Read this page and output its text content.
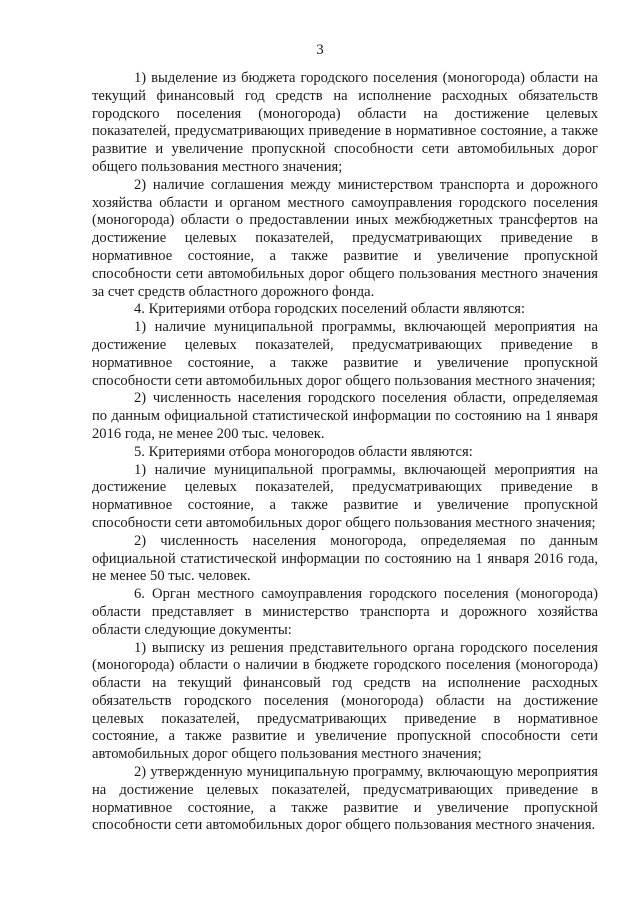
3

1) выделение из бюджета городского поселения (моногорода) области на текущий финансовый год средств на исполнение расходных обязательств городского поселения (моногорода) области на достижение целевых показателей, предусматривающих приведение в нормативное состояние, а также развитие и увеличение пропускной способности сети автомобильных дорог общего пользования местного значения;

2) наличие соглашения между министерством транспорта и дорожного хозяйства области и органом местного самоуправления городского поселения (моногорода) области о предоставлении иных межбюджетных трансфертов на достижение целевых показателей, предусматривающих приведение в нормативное состояние, а также развитие и увеличение пропускной способности сети автомобильных дорог общего пользования местного значения за счет средств областного дорожного фонда.

4. Критериями отбора городских поселений области являются:

1) наличие муниципальной программы, включающей мероприятия на достижение целевых показателей, предусматривающих приведение в нормативное состояние, а также развитие и увеличение пропускной способности сети автомобильных дорог общего пользования местного значения;

2) численность населения городского поселения области, определяемая по данным официальной статистической информации по состоянию на 1 января 2016 года, не менее 200 тыс. человек.

5. Критериями отбора моногородов области являются:

1) наличие муниципальной программы, включающей мероприятия на достижение целевых показателей, предусматривающих приведение в нормативное состояние, а также развитие и увеличение пропускной способности сети автомобильных дорог общего пользования местного значения;

2) численность населения моногорода, определяемая по данным официальной статистической информации по состоянию на 1 января 2016 года, не менее 50 тыс. человек.

6. Орган местного самоуправления городского поселения (моногорода) области представляет в министерство транспорта и дорожного хозяйства области следующие документы:

1) выписку из решения представительного органа городского поселения (моногорода) области о наличии в бюджете городского поселения (моногорода) области на текущий финансовый год средств на исполнение расходных обязательств городского поселения (моногорода) области на достижение целевых показателей, предусматривающих приведение в нормативное состояние, а также развитие и увеличение пропускной способности сети автомобильных дорог общего пользования местного значения;

2) утвержденную муниципальную программу, включающую мероприятия на достижение целевых показателей, предусматривающих приведение в нормативное состояние, а также развитие и увеличение пропускной способности сети автомобильных дорог общего пользования местного значения.
